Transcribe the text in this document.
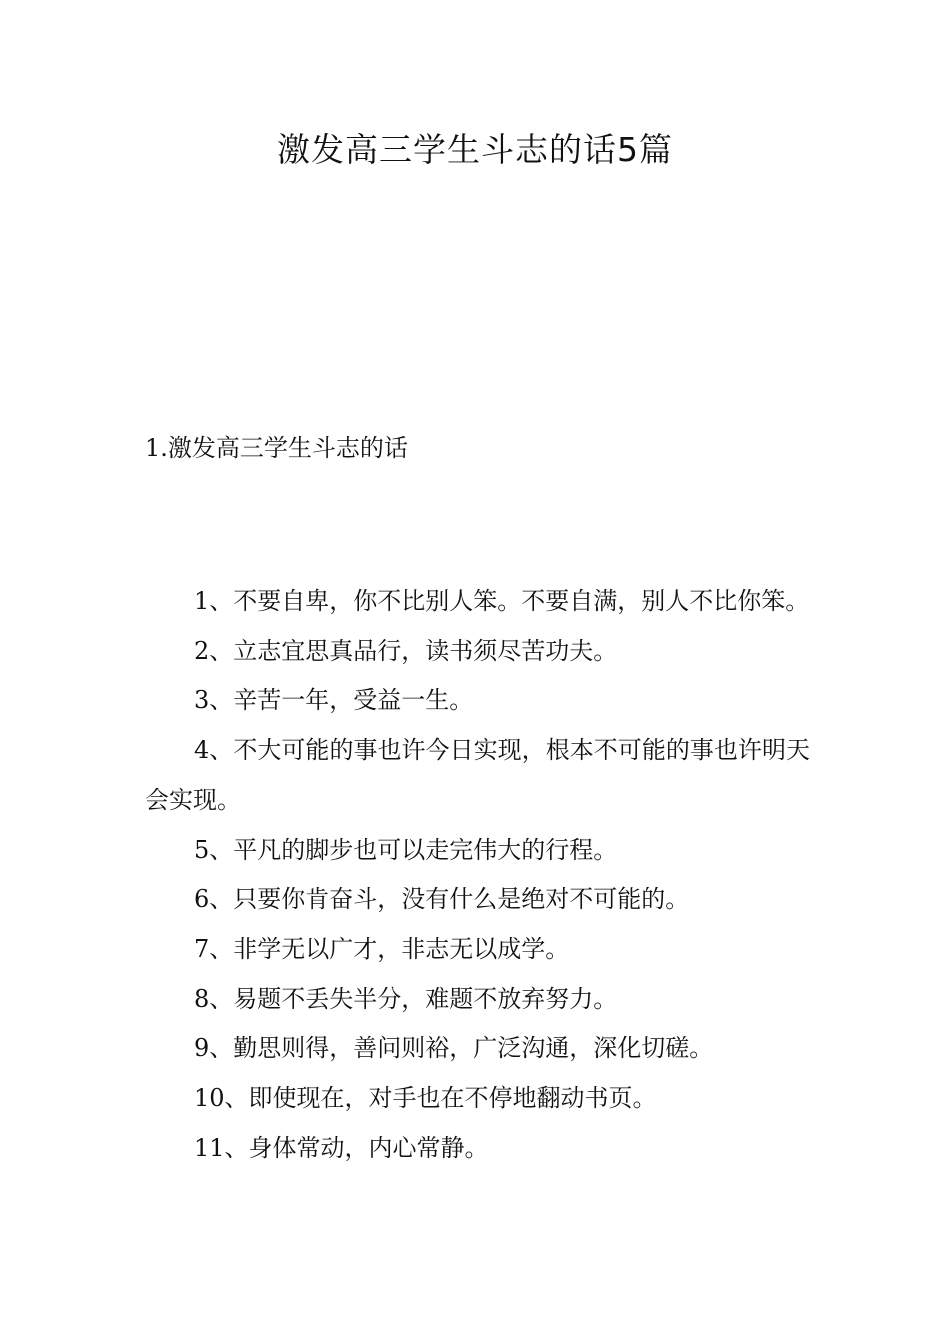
激发高三学生斗志的话5篇
1.激发高三学生斗志的话
1、不要自卑，你不比别人笨。不要自满，别人不比你笨。
2、立志宜思真品行，读书须尽苦功夫。
3、辛苦一年，受益一生。
4、不大可能的事也许今日实现，根本不可能的事也许明天会实现。
5、平凡的脚步也可以走完伟大的行程。
6、只要你肯奋斗，没有什么是绝对不可能的。
7、非学无以广才，非志无以成学。
8、易题不丢失半分，难题不放弃努力。
9、勤思则得，善问则裕，广泛沟通，深化切磋。
10、即使现在，对手也在不停地翻动书页。
11、身体常动，内心常静。
